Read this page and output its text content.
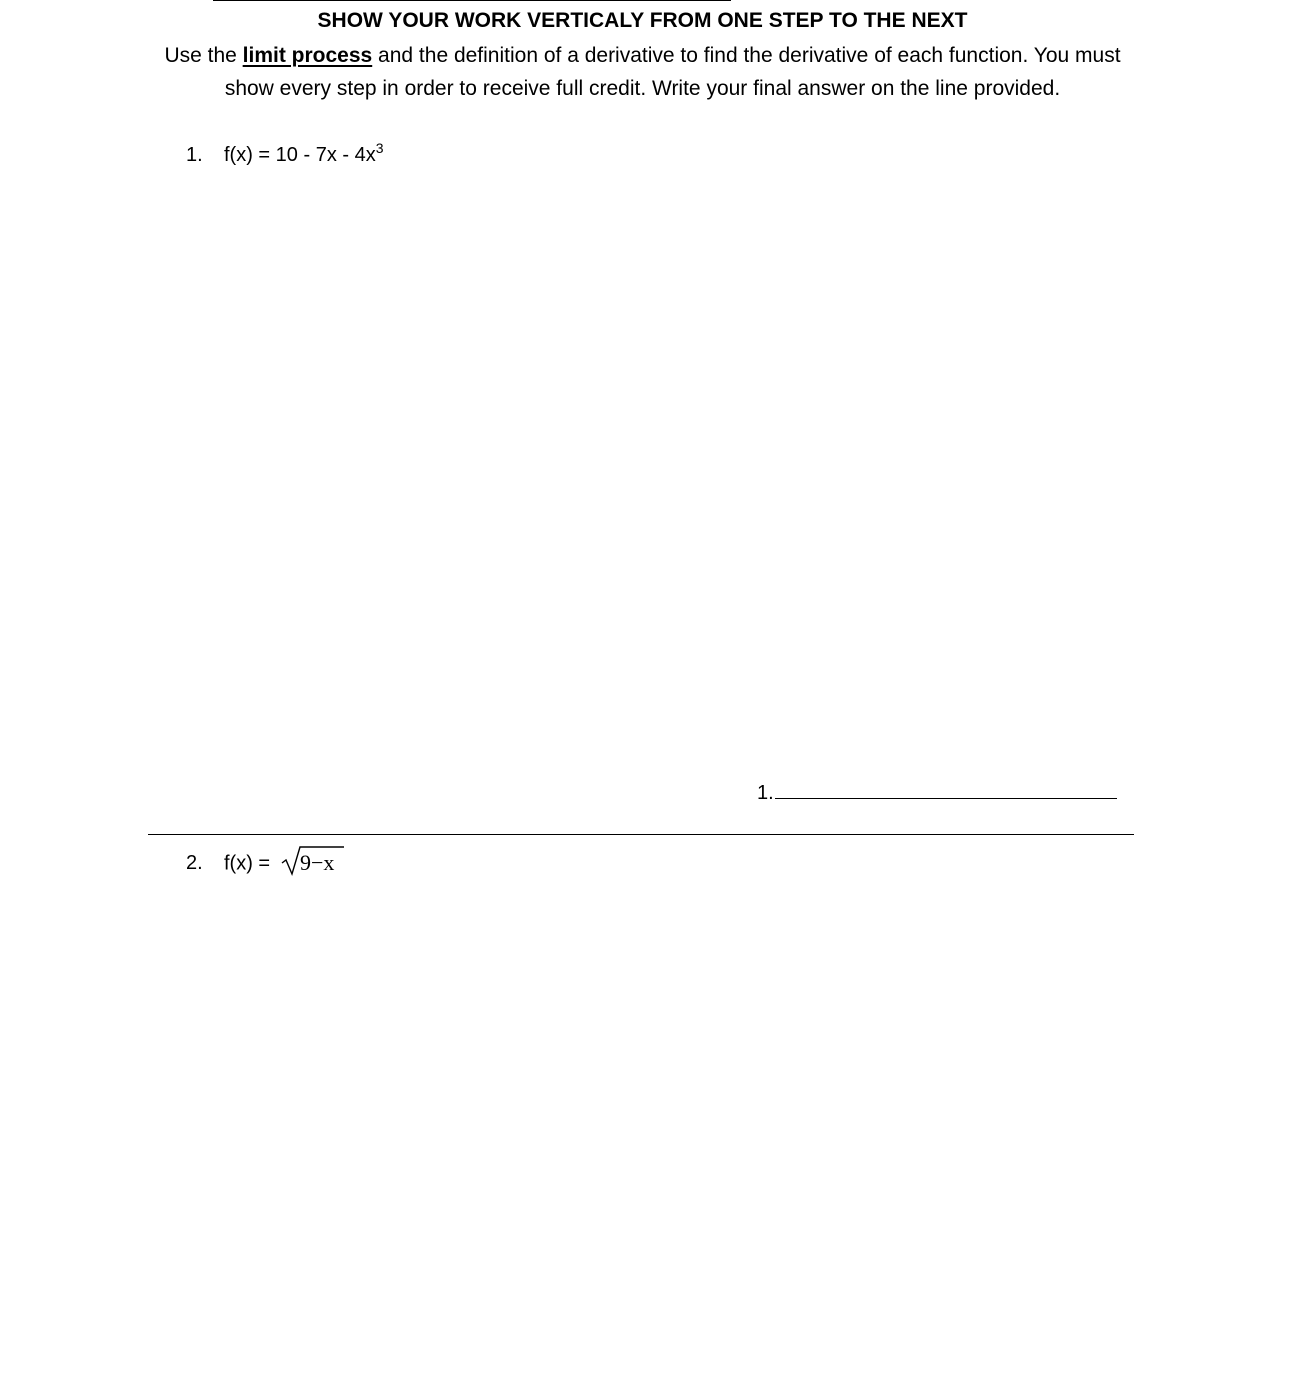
SHOW YOUR WORK VERTICALY FROM ONE STEP TO THE NEXT
Use the limit process and the definition of a derivative to find the derivative of each function. You must show every step in order to receive full credit. Write your final answer on the line provided.
1. $f(x) = 10 - 7x - 4x^3$
1.
2. f(x) = 9−x
